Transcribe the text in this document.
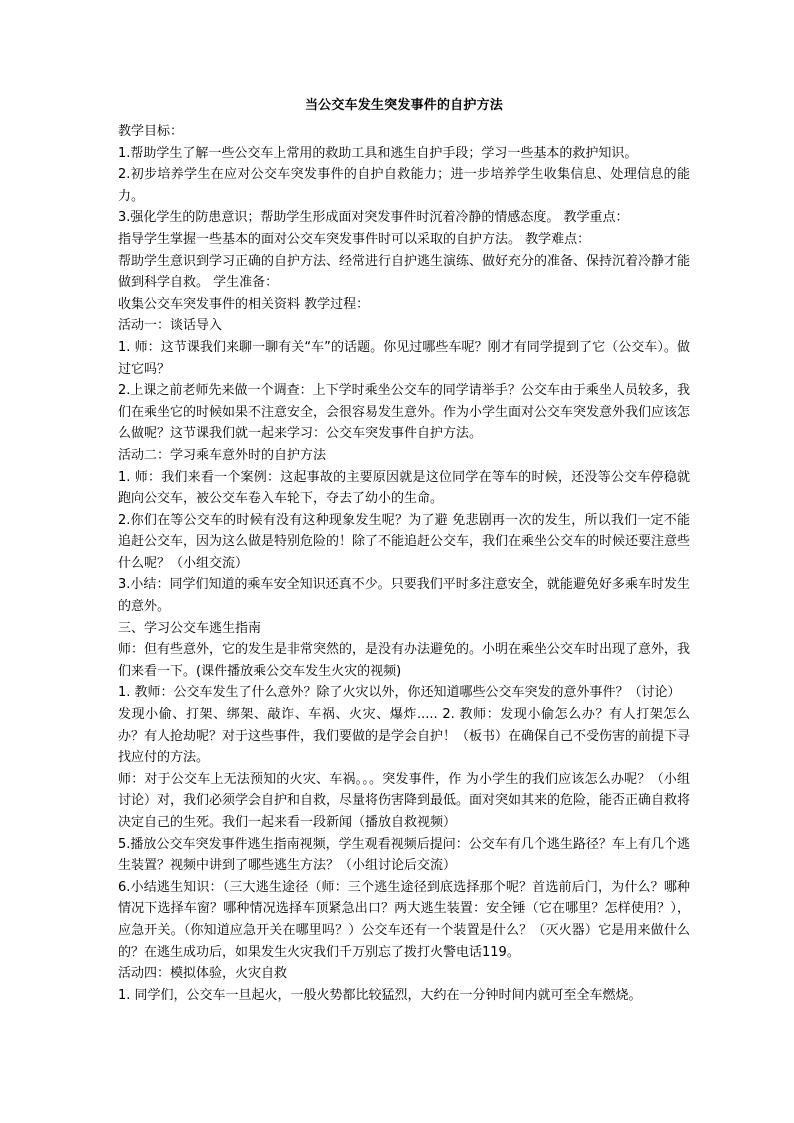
当公交车发生突发事件的自护方法

教学目标：

1.帮助学生了解一些公交车上常用的救助工具和逃生自护手段；学习一些基本的救护知识。

2.初步培养学生在应对公交车突发事件的自护自救能力；进一步培养学生收集信息、处理信息的能力。

3.强化学生的防患意识；帮助学生形成面对突发事件时沉着冷静的情感态度。 教学重点：

指导学生掌握一些基本的面对公交车突发事件时可以采取的自护方法。 教学难点：

帮助学生意识到学习正确的自护方法、经常进行自护逃生演练、做好充分的准备、保持沉着冷静才能做到科学自救。 学生准备：

收集公交车突发事件的相关资料 教学过程：

活动一：谈话导入

1. 师：这节课我们来聊一聊有关“车”的话题。你见过哪些车呢？刚才有同学提到了它（公交车）。做过它吗？

2.上课之前老师先来做一个调查：上下学时乘坐公交车的同学请举手？公交车由于乘坐人员较多，我们在乘坐它的时候如果不注意安全，会很容易发生意外。作为小学生面对公交车突发意外我们应该怎么做呢？这节课我们就一起来学习：公交车突发事件自护方法。

活动二：学习乘车意外时的自护方法

1. 师：我们来看一个案例：这起事故的主要原因就是这位同学在等车的时候，还没等公交车停稳就跑向公交车，被公交车卷入车轮下，夺去了幼小的生命。

2.你们在等公交车的时候有没有这种现象发生呢？为了避 免悲剧再一次的发生，所以我们一定不能追赶公交车，因为这么做是特别危险的！除了不能追赶公交车，我们在乘坐公交车的时候还要注意些什么呢？（小组交流）

3.小结：同学们知道的乘车安全知识还真不少。只要我们平时多注意安全，就能避免好多乘车时发生的意外。

三、学习公交车逃生指南

师：但有些意外，它的发生是非常突然的，是没有办法避免的。小明在乘坐公交车时出现了意外，我们来看一下。(课件播放乘公交车发生火灾的视频)

1. 教师：公交车发生了什么意外？除了火灾以外，你还知道哪些公交车突发的意外事件？（讨论）

发现小偷、打架、绑架、敲诈、车祸、火灾、爆炸..... 2. 教师：发现小偷怎么办？有人打架怎么办？有人抢劫呢？对于这些事件，我们要做的是学会自护！（板书）在确保自己不受伤害的前提下寻找应付的方法。

师：对于公交车上无法预知的火灾、车祸。。。突发事件，作 为小学生的我们应该怎么办呢？（小组讨论）对，我们必须学会自护和自救，尽量将伤害降到最低。面对突如其来的危险，能否正确自救将决定自己的生死。我们一起来看一段新闻（播放自救视频）

5.播放公交车突发事件逃生指南视频，学生观看视频后提问：公交车有几个逃生路径？车上有几个逃生装置？视频中讲到了哪些逃生方法？（小组讨论后交流）

6.小结逃生知识：（三大逃生途径（师：三个逃生途径到底选择那个呢？首选前后门，为什么？哪种情况下选择车窗？哪种情况选择车顶紧急出口？两大逃生装置：安全锤（它在哪里？怎样使用？），应急开关。（你知道应急开关在哪里吗？）公交车还有一个装置是什么？（灭火器）它是用来做什么的？在逃生成功后，如果发生火灾我们千万别忘了拨打火警电话119。

活动四：模拟体验，火灾自救

1. 同学们，公交车一旦起火，一般火势都比较猛烈，大约在一分钟时间内就可至全车燃烧。
